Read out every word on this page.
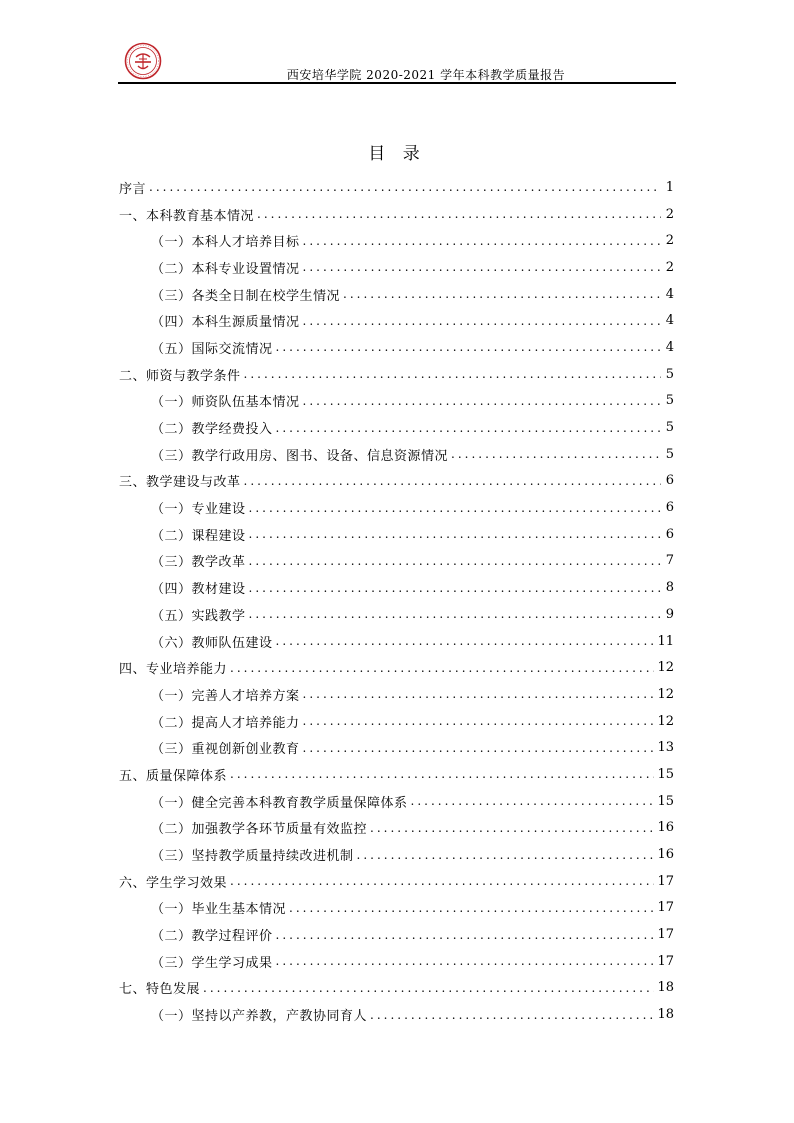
西安培华学院 2020-2021 学年本科教学质量报告
目 录
序言 .....	1
一、本科教育基本情况 .....	2
（一）本科人才培养目标 .....	2
（二）本科专业设置情况 .....	2
（三）各类全日制在校学生情况 .....	4
（四）本科生源质量情况 .....	4
（五）国际交流情况 .....	4
二、师资与教学条件 .....	5
（一）师资队伍基本情况 .....	5
（二）教学经费投入 .....	5
（三）教学行政用房、图书、设备、信息资源情况 .....	5
三、教学建设与改革 .....	6
（一）专业建设 .....	6
（二）课程建设 .....	6
（三）教学改革 .....	7
（四）教材建设 .....	8
（五）实践教学 .....	9
（六）教师队伍建设 .....	11
四、专业培养能力 .....	12
（一）完善人才培养方案 .....	12
（二）提高人才培养能力 .....	12
（三）重视创新创业教育 .....	13
五、质量保障体系 .....	15
（一）健全完善本科教育教学质量保障体系 .....	15
（二）加强教学各环节质量有效监控 .....	16
（三）坚持教学质量持续改进机制 .....	16
六、学生学习效果 .....	17
（一）毕业生基本情况 .....	17
（二）教学过程评价 .....	17
（三）学生学习成果 .....	17
七、特色发展 .....	18
（一）坚持以产养教，产教协同育人 .....	18
